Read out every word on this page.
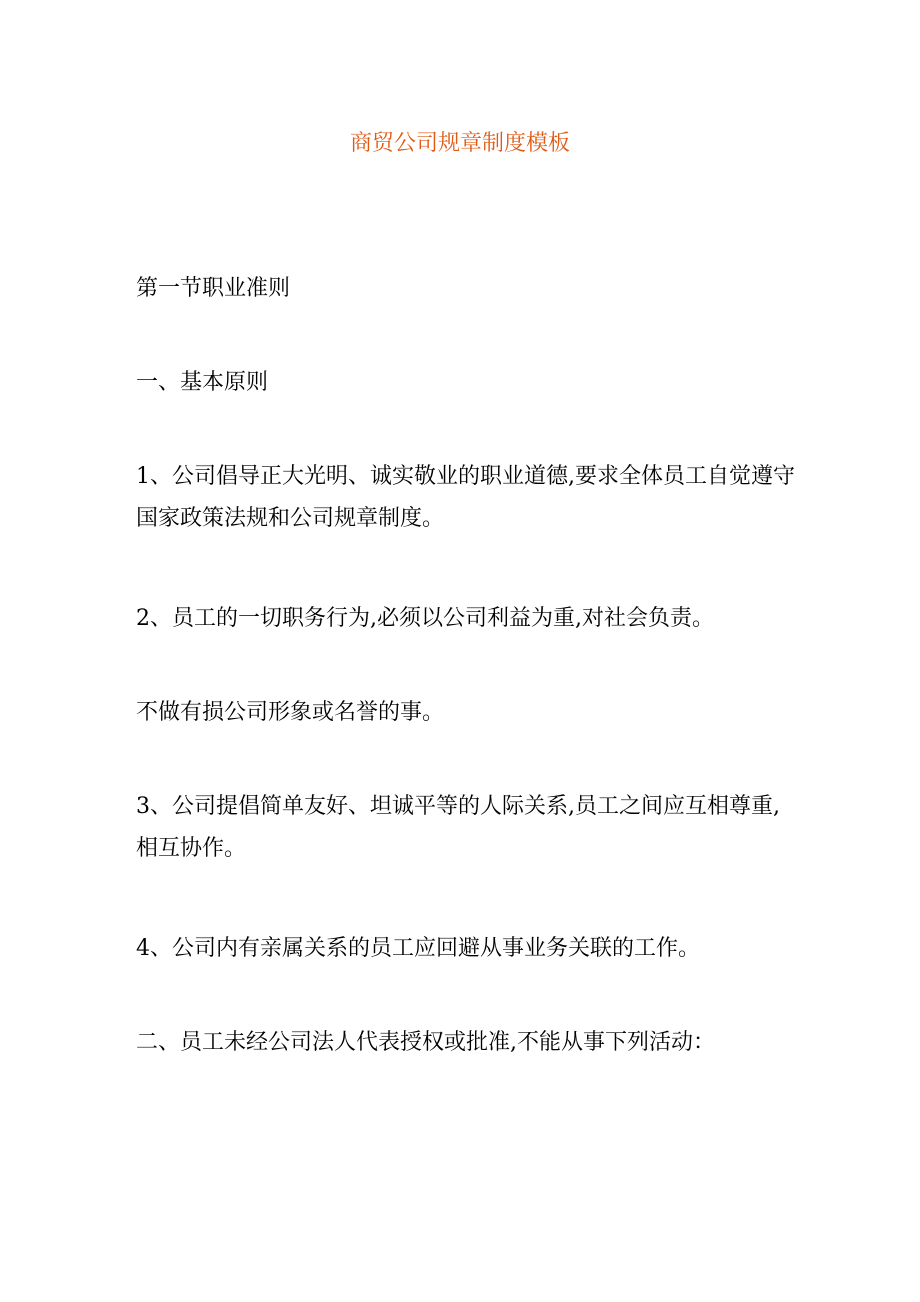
商贸公司规章制度模板

第一节职业准则

一、基本原则

1、公司倡导正大光明、诚实敬业的职业道德,要求全体员工自觉遵守国家政策法规和公司规章制度。

2、员工的一切职务行为,必须以公司利益为重,对社会负责。

不做有损公司形象或名誉的事。

3、公司提倡简单友好、坦诚平等的人际关系,员工之间应互相尊重,相互协作。

4、公司内有亲属关系的员工应回避从事业务关联的工作。

二、员工未经公司法人代表授权或批准,不能从事下列活动：
